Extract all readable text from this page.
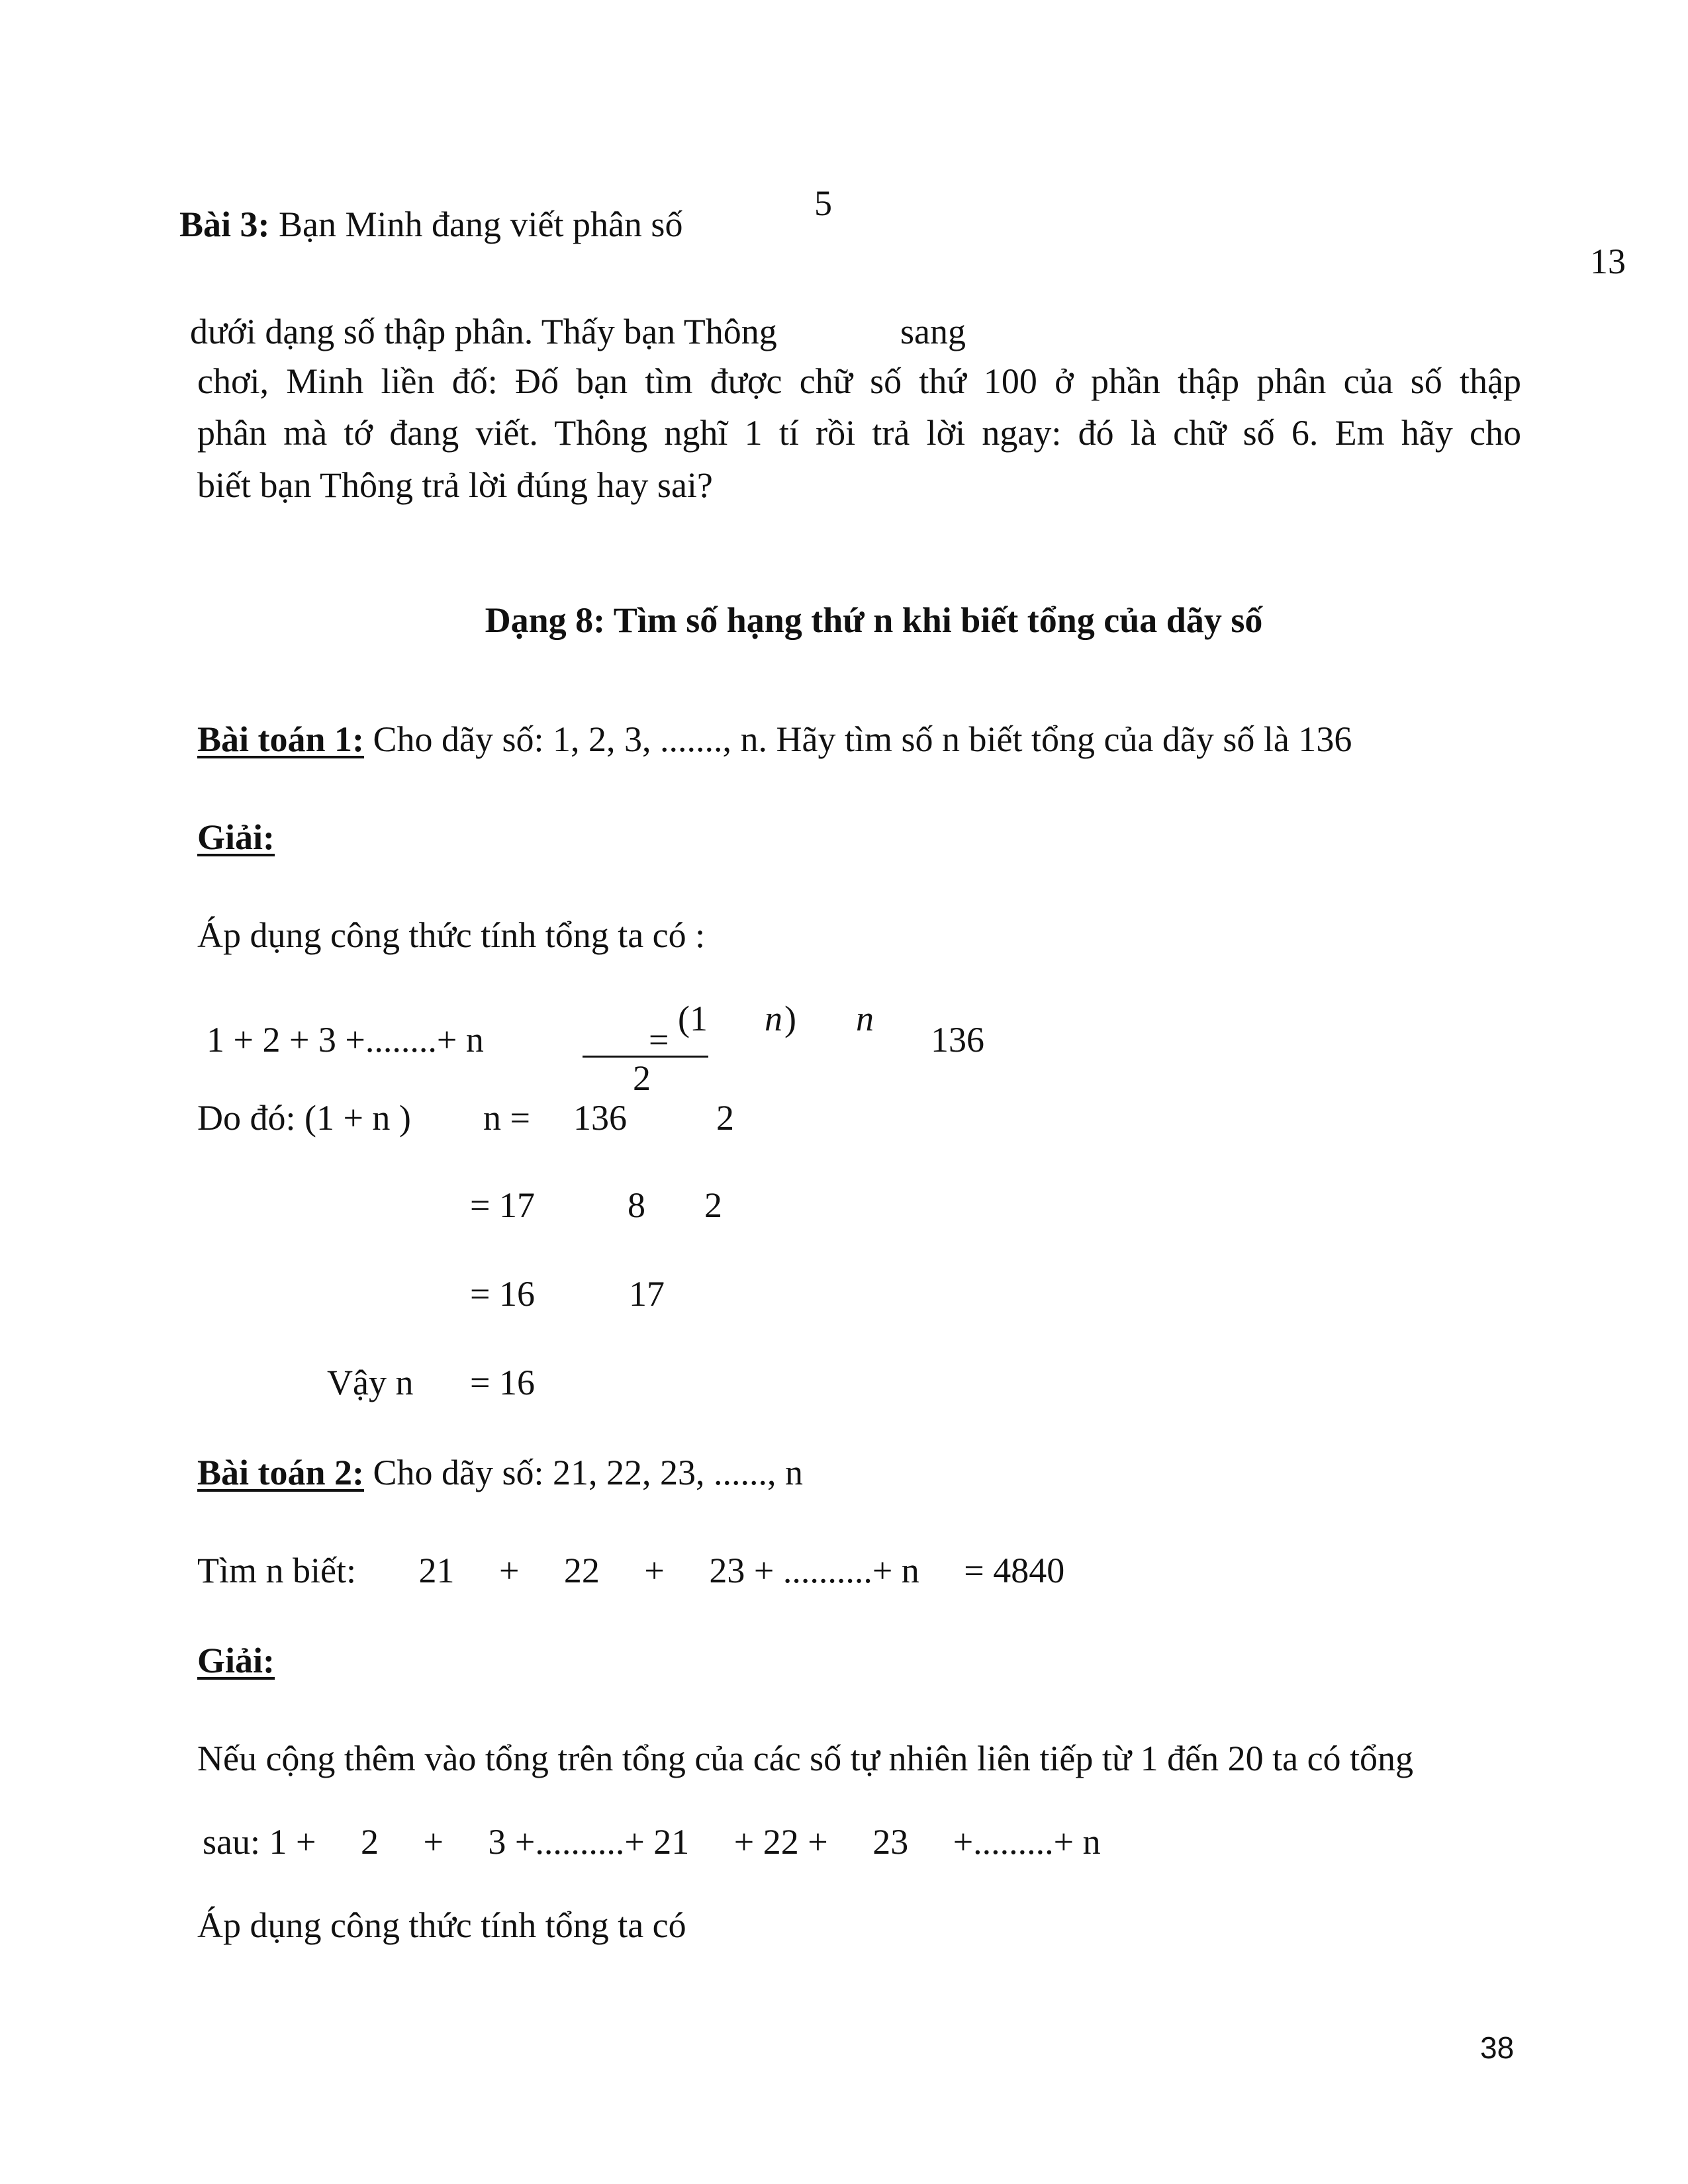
Bài 3: Bạn Minh đang viết phân số
5
13
dưới dạng số thập phân. Thấy bạn Thông	sang
chơi, Minh liền đố: Đố bạn tìm được chữ số thứ 100 ở phần thập phân của số thập
phân mà tớ đang viết. Thông nghĩ 1 tí rồi trả lời ngay: đó là chữ số 6. Em hãy cho
biết bạn Thông trả lời đúng hay sai?
Dạng 8: Tìm số hạng thứ n khi biết tổng của dãy số
Bài toán 1: Cho dãy số: 1, 2, 3, ......., n. Hãy tìm số n biết tổng của dãy số là 136
Giải:
Áp dụng công thức tính tổng ta có :
1 + 2 + 3 +........+ n	=
(1 n ) n
2
136
Do đó: (1 + n ) n = 136	2
= 17	8 2
= 16	17
Vậy n = 16
Bài toán 2: Cho dãy số: 21, 22, 23, ......, n
Tìm n biết:       21     +     22     +     23 + ..........+ n     = 4840
Giải:
Nếu cộng thêm vào tổng trên tổng của các số tự nhiên liên tiếp từ 1 đến 20 ta có tổng
sau: 1 +     2     +     3 +..........+ 21     + 22 +     23     +.........+ n
Áp dụng công thức tính tổng ta có
38
